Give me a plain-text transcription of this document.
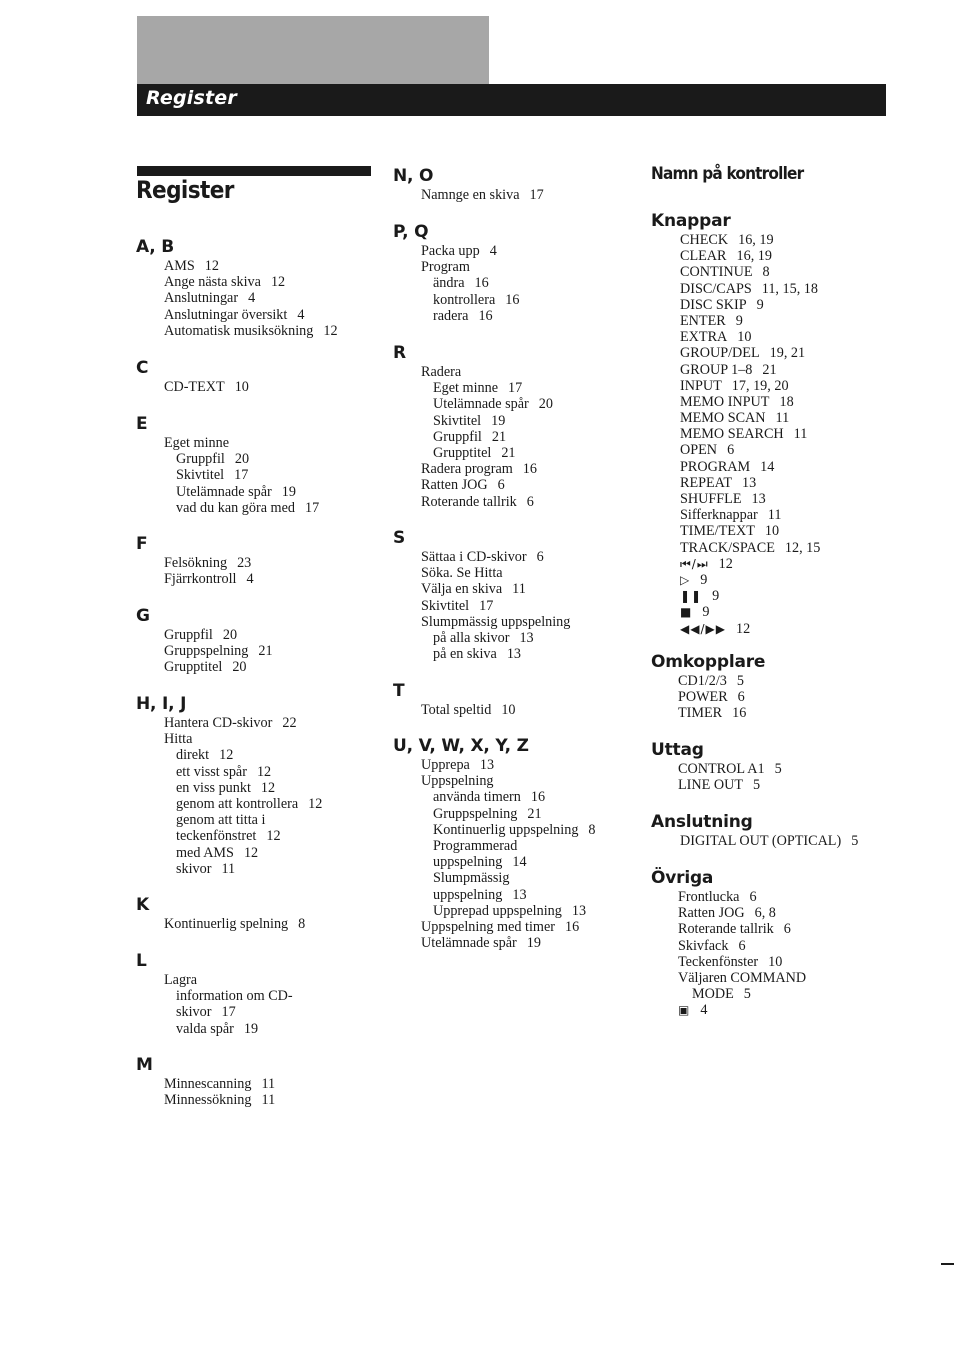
Register
Register
A, B
AMS 12
Ange nästa skiva 12
Anslutningar 4
Anslutningar översikt 4
Automatisk musiksökning 12
C
CD-TEXT 10
E
Eget minne
Gruppfil 20
Skivtitel 17
Utelämnade spår 19
vad du kan göra med 17
F
Felsökning 23
Fjärrkontroll 4
G
Gruppfil 20
Gruppspelning 21
Grupptitel 20
H, I, J
Hantera CD-skivor 22
Hitta
direkt 12
ett visst spår 12
en viss punkt 12
genom att kontrollera 12
genom att titta i
teckenfönstret 12
med AMS 12
skivor 11
K
Kontinuerlig spelning 8
L
Lagra
information om CD-
skivor 17
valda spår 19
M
Minnescanning 11
Minnessökning 11
N, O
Namnge en skiva 17
P, Q
Packa upp 4
Program
ändra 16
kontrollera 16
radera 16
R
Radera
Eget minne 17
Utelämnade spår 20
Skivtitel 19
Gruppfil 21
Grupptitel 21
Radera program 16
Ratten JOG 6
Roterande tallrik 6
S
Sättaa i CD-skivor 6
Söka. Se Hitta
Välja en skiva 11
Skivtitel 17
Slumpmässig uppspelning
på alla skivor 13
på en skiva 13
T
Total speltid 10
U, V, W, X, Y, Z
Upprepa 13
Uppspelning
använda timern 16
Gruppspelning 21
Kontinuerlig uppspelning 8
Programmerad
uppspelning 14
Slumpmässig
uppspelning 13
Upprepad uppspelning 13
Uppspelning med timer 16
Utelämnade spår 19
Namn på kontroller
Knappar
CHECK 16, 19
CLEAR 16, 19
CONTINUE 8
DISC/CAPS 11, 15, 18
DISC SKIP 9
ENTER 9
EXTRA 10
GROUP/DEL 19, 21
GROUP 1–8 21
INPUT 17, 19, 20
MEMO INPUT 18
MEMO SCAN 11
MEMO SEARCH 11
OPEN 6
PROGRAM 14
REPEAT 13
SHUFFLE 13
Sifferknappar 11
TIME/TEXT 10
TRACK/SPACE 12, 15
⏮/⏭ 12
▷ 9
❚❚ 9
■ 9
◀◀/▶▶ 12
Omkopplare
CD1/2/3 5
POWER 6
TIMER 16
Uttag
CONTROL A1 5
LINE OUT 5
Anslutning
DIGITAL OUT (OPTICAL) 5
Övriga
Frontlucka 6
Ratten JOG 6, 8
Roterande tallrik 6
Skivfack 6
Teckenfönster 10
Väljaren COMMAND
MODE 5
▣ 4
